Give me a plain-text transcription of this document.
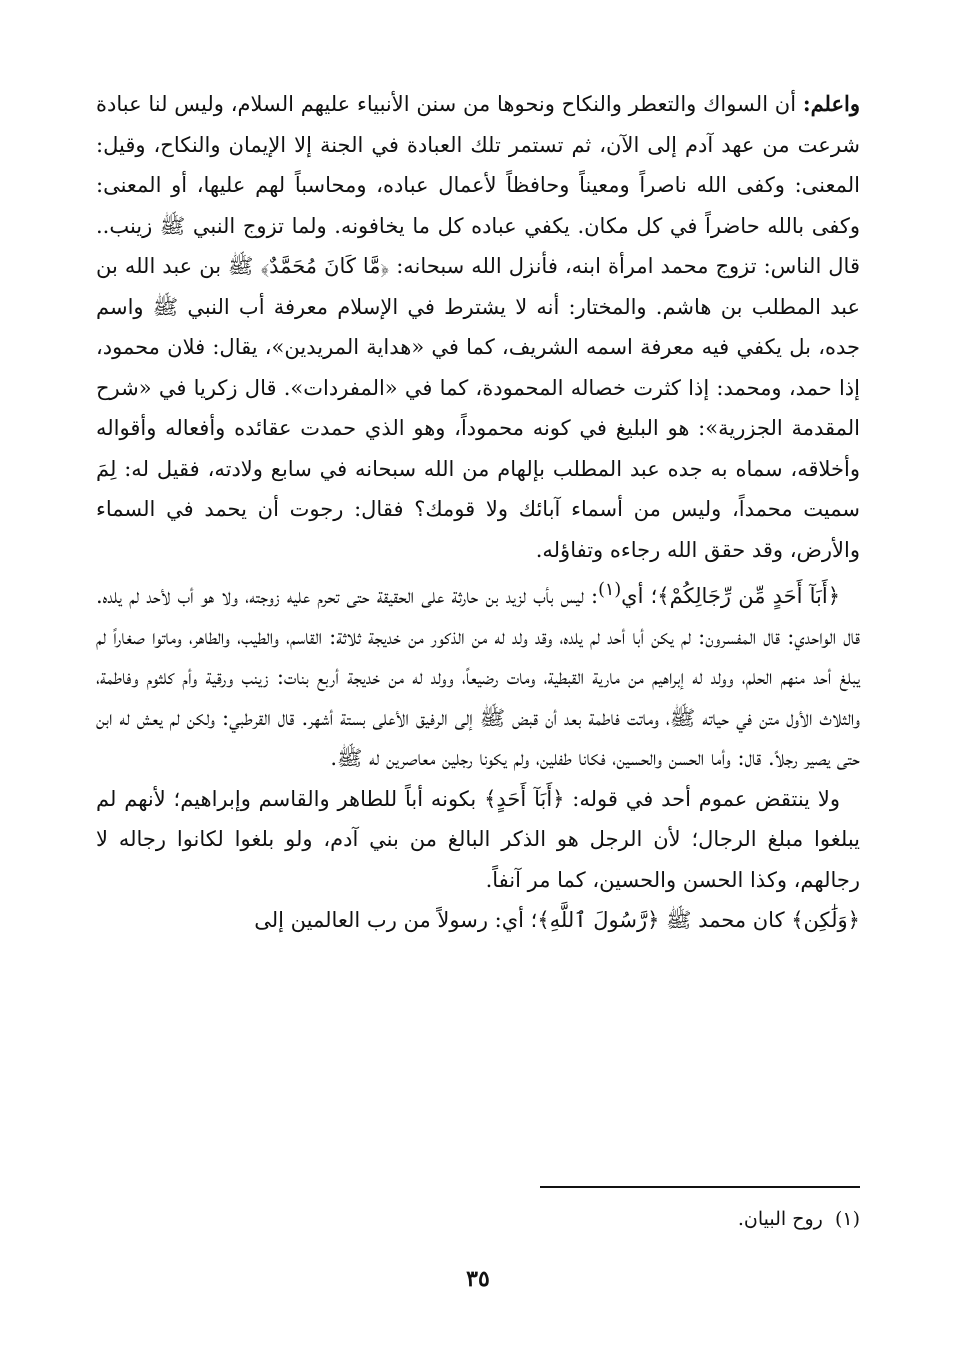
واعلم: أن السواك والتعطر والنكاح ونحوها من سنن الأنبياء عليهم السلام، وليس لنا عبادة شرعت من عهد آدم إلى الآن، ثم تستمر تلك العبادة في الجنة إلا الإيمان والنكاح، وقيل: المعنى: وكفى الله ناصراً ومعيناً وحافظاً لأعمال عباده، ومحاسباً لهم عليها، أو المعنى: وكفى بالله حاضراً في كل مكان. يكفي عباده كل ما يخافونه. ولما تزوج النبي ﷺ زينب.. قال الناس: تزوج محمد امرأة ابنه، فأنزل الله سبحانه: ﴿مَّا كَانَ مُحَمَّدٌ﴾ ﷺ بن عبد الله بن عبد المطلب بن هاشم. والمختار: أنه لا يشترط في الإسلام معرفة أب النبي ﷺ واسم جده، بل يكفي فيه معرفة اسمه الشريف، كما في «هداية المريدين»، يقال: فلان محمود، إذا حمد، ومحمد: إذا كثرت خصاله المحمودة، كما في «المفردات». قال زكريا في «شرح المقدمة الجزرية»: هو البليغ في كونه محموداً، وهو الذي حمدت عقائده وأفعاله وأقواله وأخلاقه، سماه به جده عبد المطلب بإلهام من الله سبحانه في سابع ولادته، فقيل له: لِمَ سميت محمداً، وليس من أسماء آبائك ولا قومك؟ فقال: رجوت أن يحمد في السماء والأرض، وقد حقق الله رجاءه وتفاؤله.

﴿أَبَآ أَحَدٍ مِّن رِّجَالِكُمْ﴾؛ أي$^{(١)}$: ليس بأب لزيد بن حارثة على الحقيقة حتى تحرم عليه زوجته، ولا هو أب لأحد لم يلده. قال الواحدي: قال المفسرون: لم يكن أبا أحد لم يلده، وقد ولد له من الذكور من خديجة ثلاثة: القاسم، والطيب، والطاهر، وماتوا صغاراً لم يبلغ أحد منهم الحلم، وولد له إبراهيم من مارية القبطية، ومات رضيعاً، وولد له من خديجة أربع بنات: زينب ورقية وأم كلثوم وفاطمة، والثلاث الأول متن في حياته ﷺ، وماتت فاطمة بعد أن قبض ﷺ إلى الرفيق الأعلى بستة أشهر. قال القرطبي: ولكن لم يعش له ابن حتى يصير رجلاً. قال: وأما الحسن والحسين، فكانا طفلين، ولم يكونا رجلين معاصرين له ﷺ.

ولا ينتقض عموم أحد في قوله: ﴿أَبَآ أَحَدٍ﴾ بكونه أباً للطاهر والقاسم وإبراهيم؛ لأنهم لم يبلغوا مبلغ الرجال؛ لأن الرجل هو الذكر البالغ من بني آدم، ولو بلغوا لكانوا رجاله لا رجالهم، وكذا الحسن والحسين، كما مر آنفاً.

﴿وَلَٰكِن﴾ كان محمد ﷺ ﴿رَّسُولَ ٱللَّهِ﴾؛ أي: رسولاً من رب العالمين إلى

(١)  روح البيان.
٣٥
